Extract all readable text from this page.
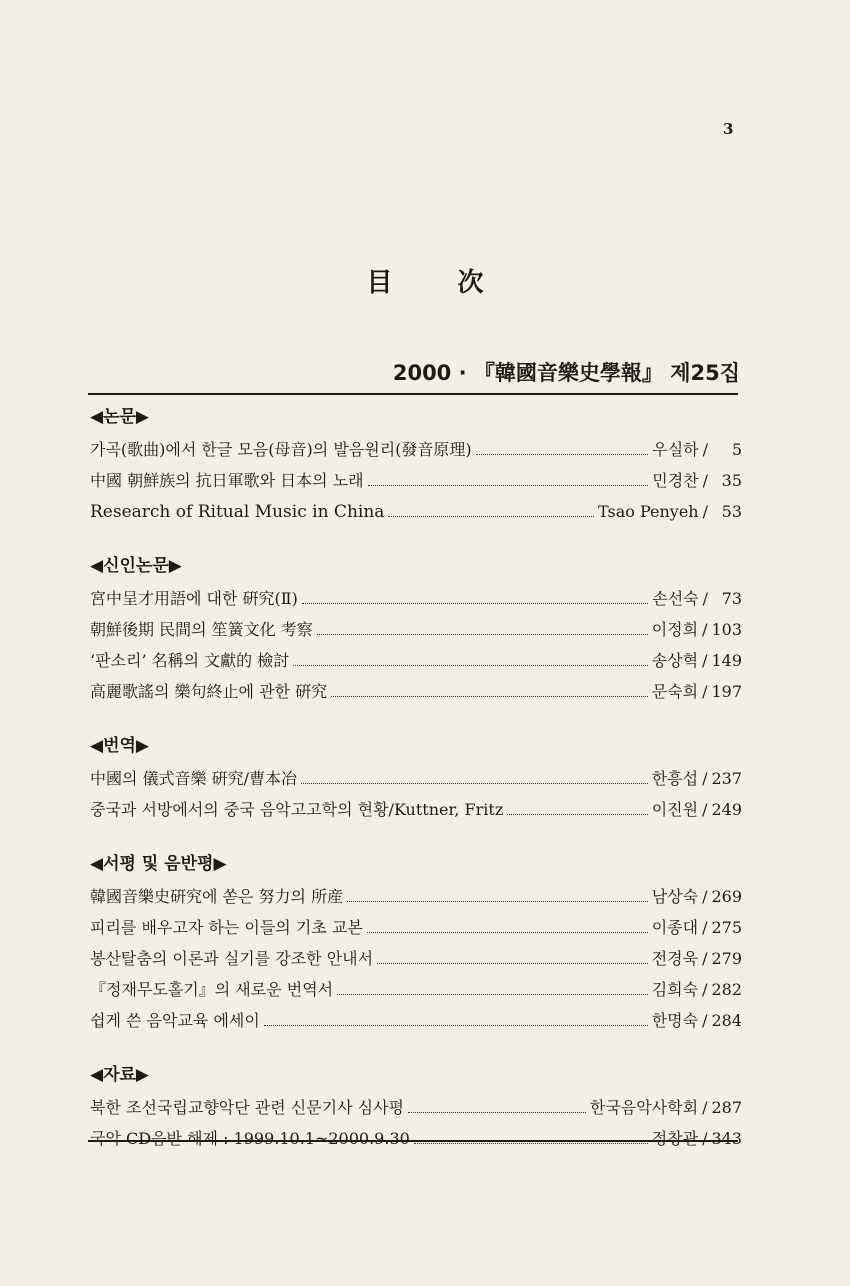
3
目 次
2000 · 『韓國音樂史學報』 제25집
◀논문▶
가곡(歌曲)에서 한글 모음(母音)의 발음원리(發音原理)	우실하 /	5
中國 朝鮮族의 抗日軍歌와 日本의 노래	민경찬 / 35
Research of Ritual Music in China	Tsao Penyeh / 53
◀신인논문▶
宮中呈才用語에 대한 硏究(Ⅱ)	손선숙 / 73
朝鮮後期 民間의 笙簧文化 考察	이정희 / 103
‘판소리’ 名稱의 文獻的 檢討	송상혁 / 149
高麗歌謠의 樂句終止에 관한 硏究	문숙희 / 197
◀번역▶
中國의 儀式音樂 硏究/曹本冶	한흥섭 / 237
중국과 서방에서의 중국 음악고고학의 현황/Kuttner, Fritz	이진원 / 249
◀서평 및 음반평▶
韓國音樂史硏究에 쏟은 努力의 所産	남상숙 / 269
피리를 배우고자 하는 이들의 기초 교본	이종대 / 275
봉산탈춤의 이론과 실기를 강조한 안내서	전경욱 / 279
『정재무도홀기』의 새로운 번역서	김희숙 / 282
쉽게 쓴 음악교육 에세이	한명숙 / 284
◀자료▶
북한 조선국립교향악단 관련 신문기사 심사평	한국음악사학회 / 287
국악 CD음반 해제 : 1999.10.1~2000.9.30	정창관 / 343
